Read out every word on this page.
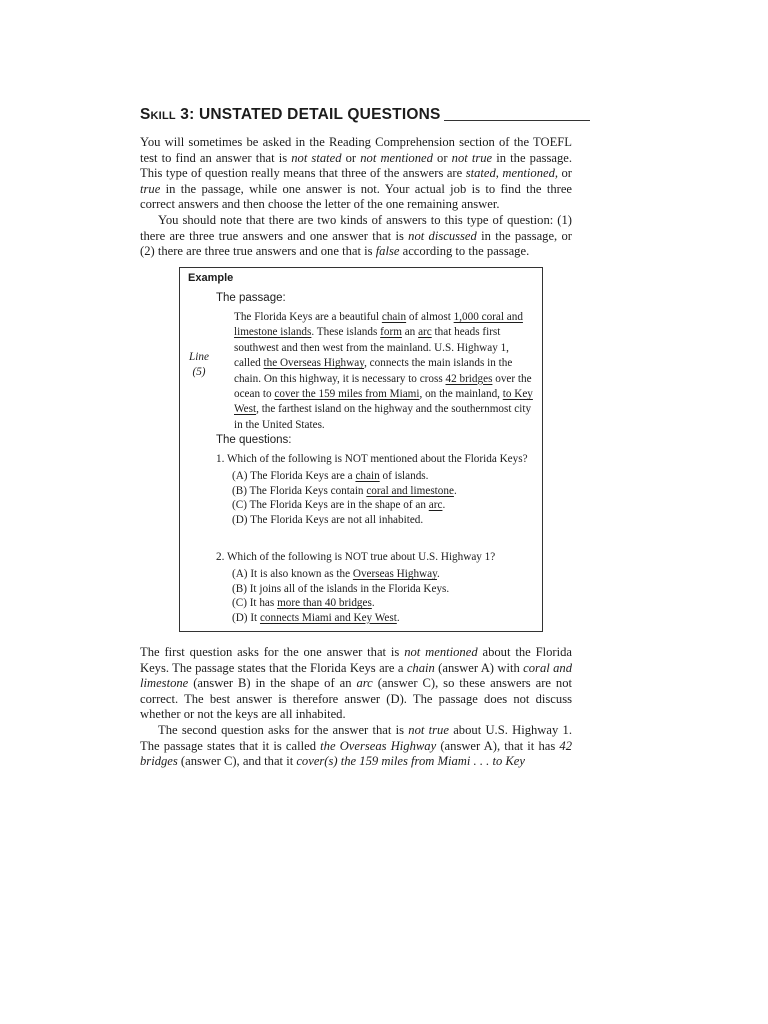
Skill 3:
UNSTATED DETAIL QUESTIONS

You will sometimes be asked in the Reading Comprehension section of the TOEFL test to find an answer that is not stated or not mentioned or not true in the passage. This type of question really means that three of the answers are stated, mentioned, or true in the passage, while one answer is not. Your actual job is to find the three correct answers and then choose the letter of the one remaining answer.

You should note that there are two kinds of answers to this type of question: (1) there are three true answers and one answer that is not discussed in the passage, or (2) there are three true answers and one that is false according to the passage.

Example
The passage:
The Florida Keys are a beautiful chain of almost 1,000 coral and limestone islands. These islands form an arc that heads first southwest and then west from the mainland. U.S. Highway 1, called the Overseas Highway, connects the main islands in the chain. On this highway, it is necessary to cross 42 bridges over the ocean to cover the 159 miles from Miami, on the mainland, to Key West, the farthest island on the highway and the southernmost city in the United States.
Line
(5)
The questions:
1. Which of the following is NOT mentioned about the Florida Keys?
(A) The Florida Keys are a chain of islands.
(B) The Florida Keys contain coral and limestone.
(C) The Florida Keys are in the shape of an arc.
(D) The Florida Keys are not all inhabited.
2. Which of the following is NOT true about U.S. Highway 1?
(A) It is also known as the Overseas Highway.
(B) It joins all of the islands in the Florida Keys.
(C) It has more than 40 bridges.
(D) It connects Miami and Key West.

The first question asks for the one answer that is not mentioned about the Florida Keys. The passage states that the Florida Keys are a chain (answer A) with coral and limestone (answer B) in the shape of an arc (answer C), so these answers are not correct. The best answer is therefore answer (D). The passage does not discuss whether or not the keys are all inhabited.

The second question asks for the answer that is not true about U.S. Highway 1. The passage states that it is called the Overseas Highway (answer A), that it has 42 bridges (answer C), and that it cover(s) the 159 miles from Miami . . . to Key
